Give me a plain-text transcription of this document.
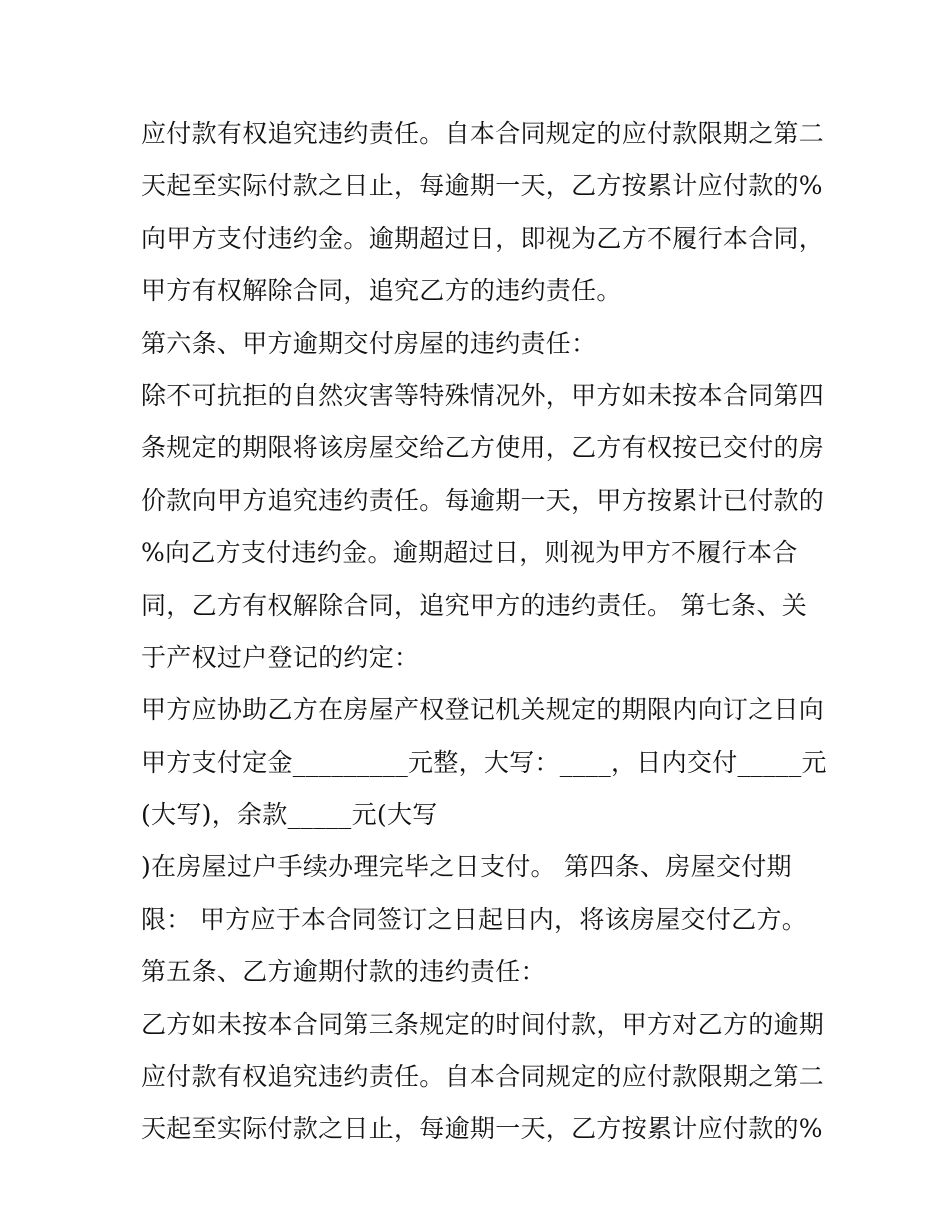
应付款有权追究违约责任。自本合同规定的应付款限期之第二
天起至实际付款之日止，每逾期一天，乙方按累计应付款的%
向甲方支付违约金。逾期超过日，即视为乙方不履行本合同，
甲方有权解除合同，追究乙方的违约责任。
第六条、甲方逾期交付房屋的违约责任：
除不可抗拒的自然灾害等特殊情况外，甲方如未按本合同第四
条规定的期限将该房屋交给乙方使用，乙方有权按已交付的房
价款向甲方追究违约责任。每逾期一天，甲方按累计已付款的
%向乙方支付违约金。逾期超过日，则视为甲方不履行本合
同，乙方有权解除合同，追究甲方的违约责任。 第七条、关
于产权过户登记的约定：
甲方应协助乙方在房屋产权登记机关规定的期限内向订之日向
甲方支付定金_________元整，大写：____，日内交付_____元
(大写)，余款_____元(大写
)在房屋过户手续办理完毕之日支付。 第四条、房屋交付期
限： 甲方应于本合同签订之日起日内，将该房屋交付乙方。
第五条、乙方逾期付款的违约责任：
乙方如未按本合同第三条规定的时间付款，甲方对乙方的逾期
应付款有权追究违约责任。自本合同规定的应付款限期之第二
天起至实际付款之日止，每逾期一天，乙方按累计应付款的%
